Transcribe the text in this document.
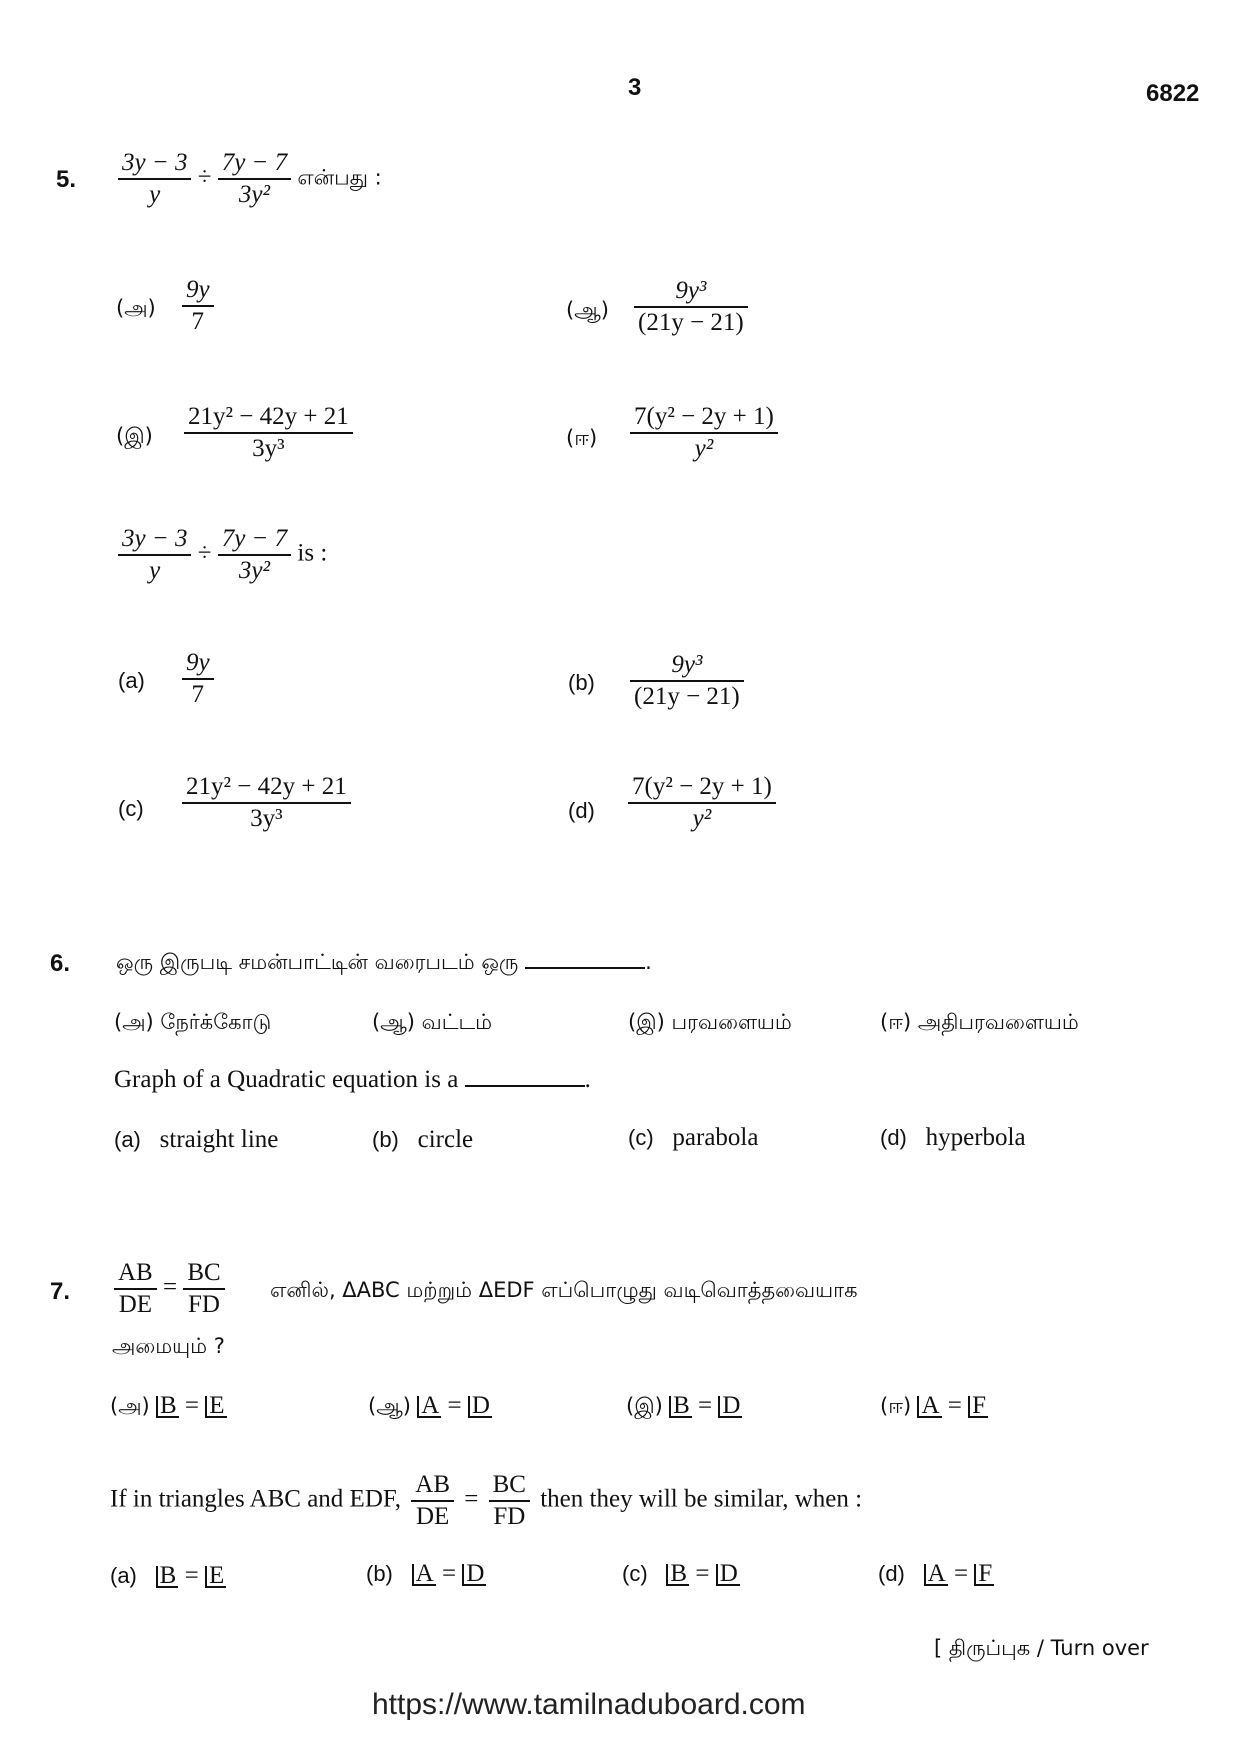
3	6822
5. $\frac{3y - 3}{y} \div \frac{7y - 7}{\text{3y²}}$ என்பது :
(அ) $\frac{9y}{7}$	(ஆ) $\frac{\text{9y³}}{(21y - 21)}$
(இ) $\frac{\text{21y² − 42y + 21}}{\text{3y³}}$	(ஈ) $\frac{\text{7(y² − 2y + 1)}}{\text{y²}}$
$\frac{3y - 3}{y} \div \frac{7y - 7}{\text{3y²}}$ is :
$(a) \frac{9y}{7}$	$(b) \frac{\text{9y³}}{(21y - 21)}$
$(c) \frac{\text{21y² − 42y + 21}}{\text{3y³}}$	$(d) \frac{\text{7(y² − 2y + 1)}}{\text{y²}}$
6. ஒரு இருபடி சமன்பாட்டின் வரைபடம் ஒரு	.
(அ) நேர்க்கோடு	(ஆ) வட்டம்	(இ) பரவளையம்	(ஈ) அதிபரவளையம்
Graph of a Quadratic equation is a	.
(a) straight line	(b) circle	(c) parabola	(d) hyperbola
7. $\frac{AB}{DE} = \frac{BC}{FD}$ எனில், ΔABC மற்றும் ΔEDF எப்பொழுது வடிவொத்தவையாக
அமையும் ?
(அ) B = E	(ஆ) A = D	(இ) B = D	(ஈ) A = F
If in triangles ABC and EDF, $\frac{AB}{DE} = \frac{BC}{FD}$ then they will be similar, when :
(a) B = E	(b) A = D	(c) B = D	(d) A = F
[ திருப்புக / Turn over
https://www.tamilnaduboard.com
